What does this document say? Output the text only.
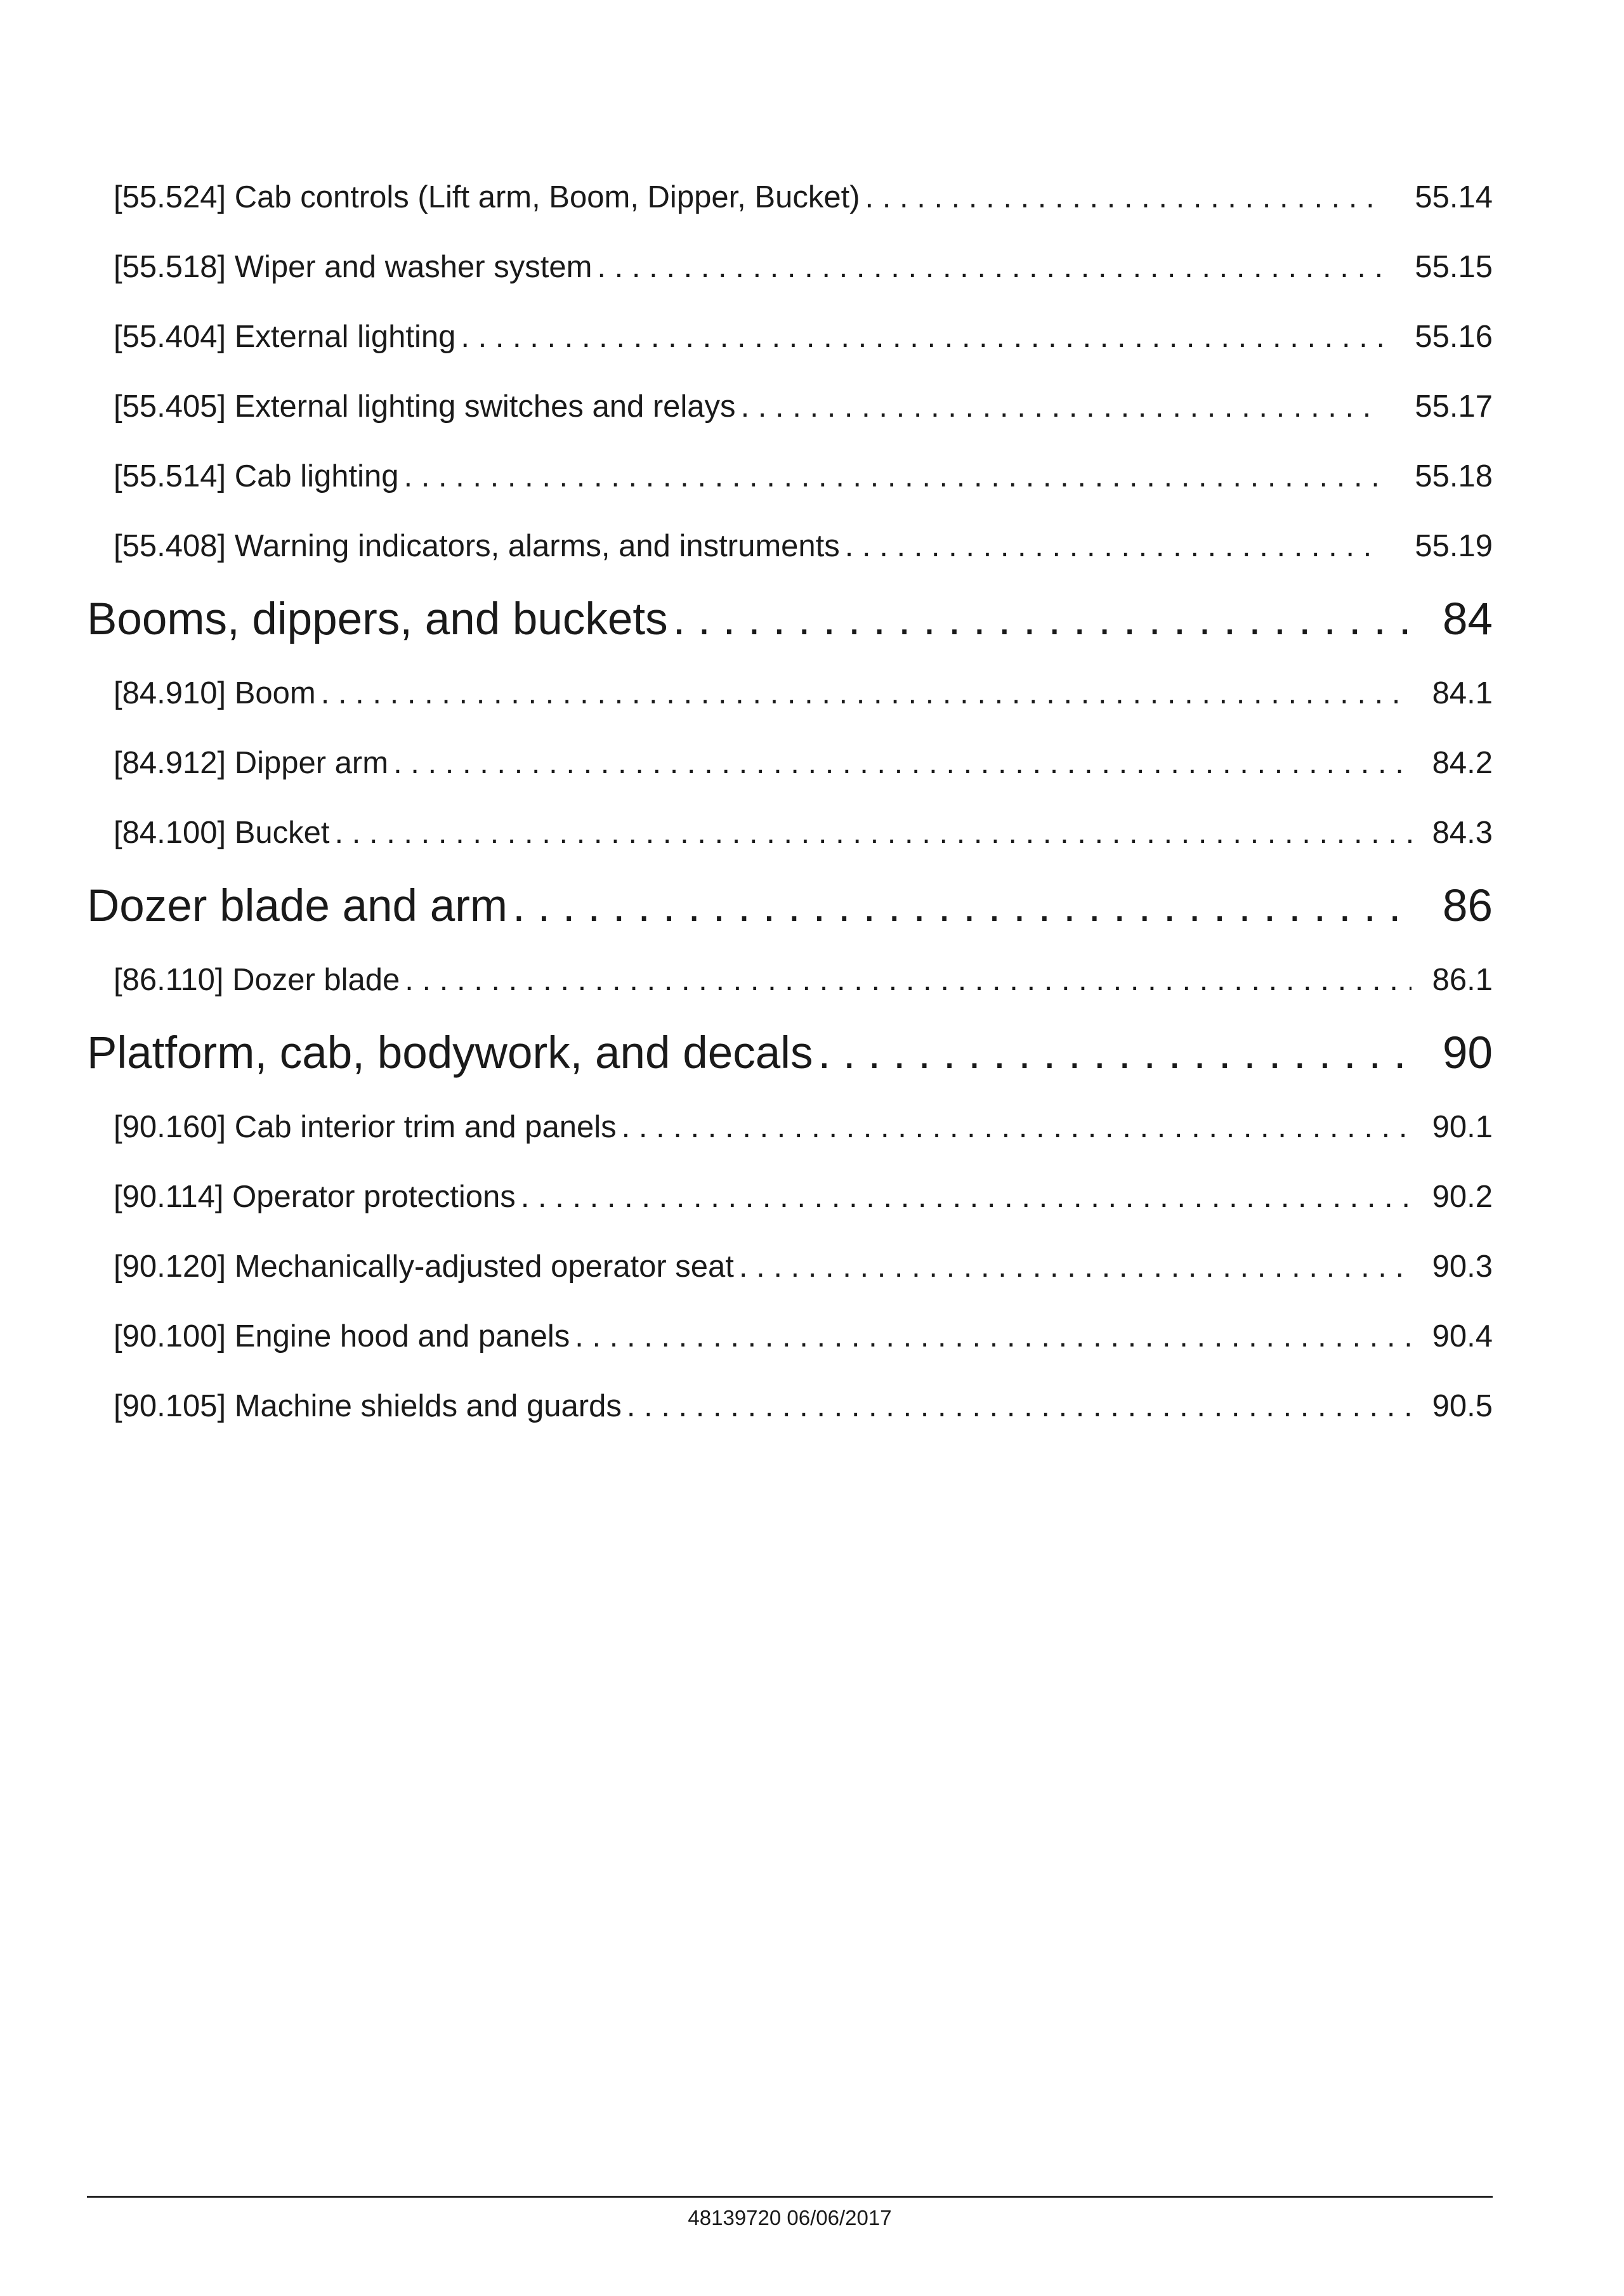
[55.524] Cab controls (Lift arm, Boom, Dipper, Bucket) . . .	55.14
[55.518] Wiper and washer system . . .	55.15
[55.404] External lighting . . .	55.16
[55.405] External lighting switches and relays . . .	55.17
[55.514] Cab lighting . . .	55.18
[55.408] Warning indicators, alarms, and instruments . . .	55.19
Booms, dippers, and buckets . . .	84
[84.910] Boom . . .	84.1
[84.912] Dipper arm . . .	84.2
[84.100] Bucket . . .	84.3
Dozer blade and arm . . .	86
[86.110] Dozer blade . . .	86.1
Platform, cab, bodywork, and decals . . .	90
[90.160] Cab interior trim and panels . . .	90.1
[90.114] Operator protections . . .	90.2
[90.120] Mechanically-adjusted operator seat . . .	90.3
[90.100] Engine hood and panels . . .	90.4
[90.105] Machine shields and guards . . .	90.5
48139720 06/06/2017
